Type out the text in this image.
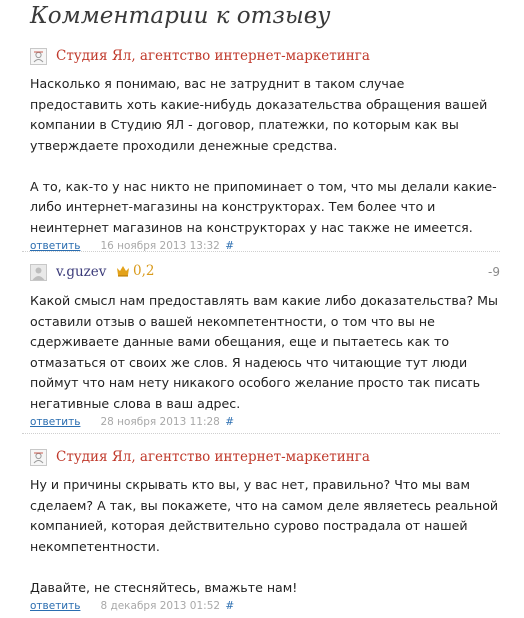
Комментарии к отзыву
Студия Ял, агентство интернет-маркетинга

Насколько я понимаю, вас не затруднит в таком случае предоставить хоть какие-нибудь доказательства обращения вашей компании в Студию ЯЛ - договор, платежки, по которым как вы утверждаете проходили денежные средства.

А то, как-то у нас никто не припоминает о том, что мы делали какие-либо интернет-магазины на конструкторах. Тем более что и неинтернет магазинов на конструкторах у нас также не имеется.

ответить 16 ноября 2013 13:32 #
v.guzev	0,2	-9

Какой смысл нам предоставлять вам какие либо доказательства? Мы оставили отзыв о вашей некомпетентности, о том что вы не сдерживаете данные вами обещания, еще и пытаетесь как то отмазаться от своих же слов. Я надеюсь что читающие тут люди поймут что нам нету никакого особого желание просто так писать негативные слова в ваш адрес.

ответить 28 ноября 2013 11:28 #
Студия Ял, агентство интернет-маркетинга

Ну и причины скрывать кто вы, у вас нет, правильно? Что мы вам сделаем? А так, вы покажете, что на самом деле являетесь реальной компанией, которая действительно сурово пострадала от нашей некомпетентности.

Давайте, не стесняйтесь, вмажьте нам!

ответить 8 декабря 2013 01:52 #
